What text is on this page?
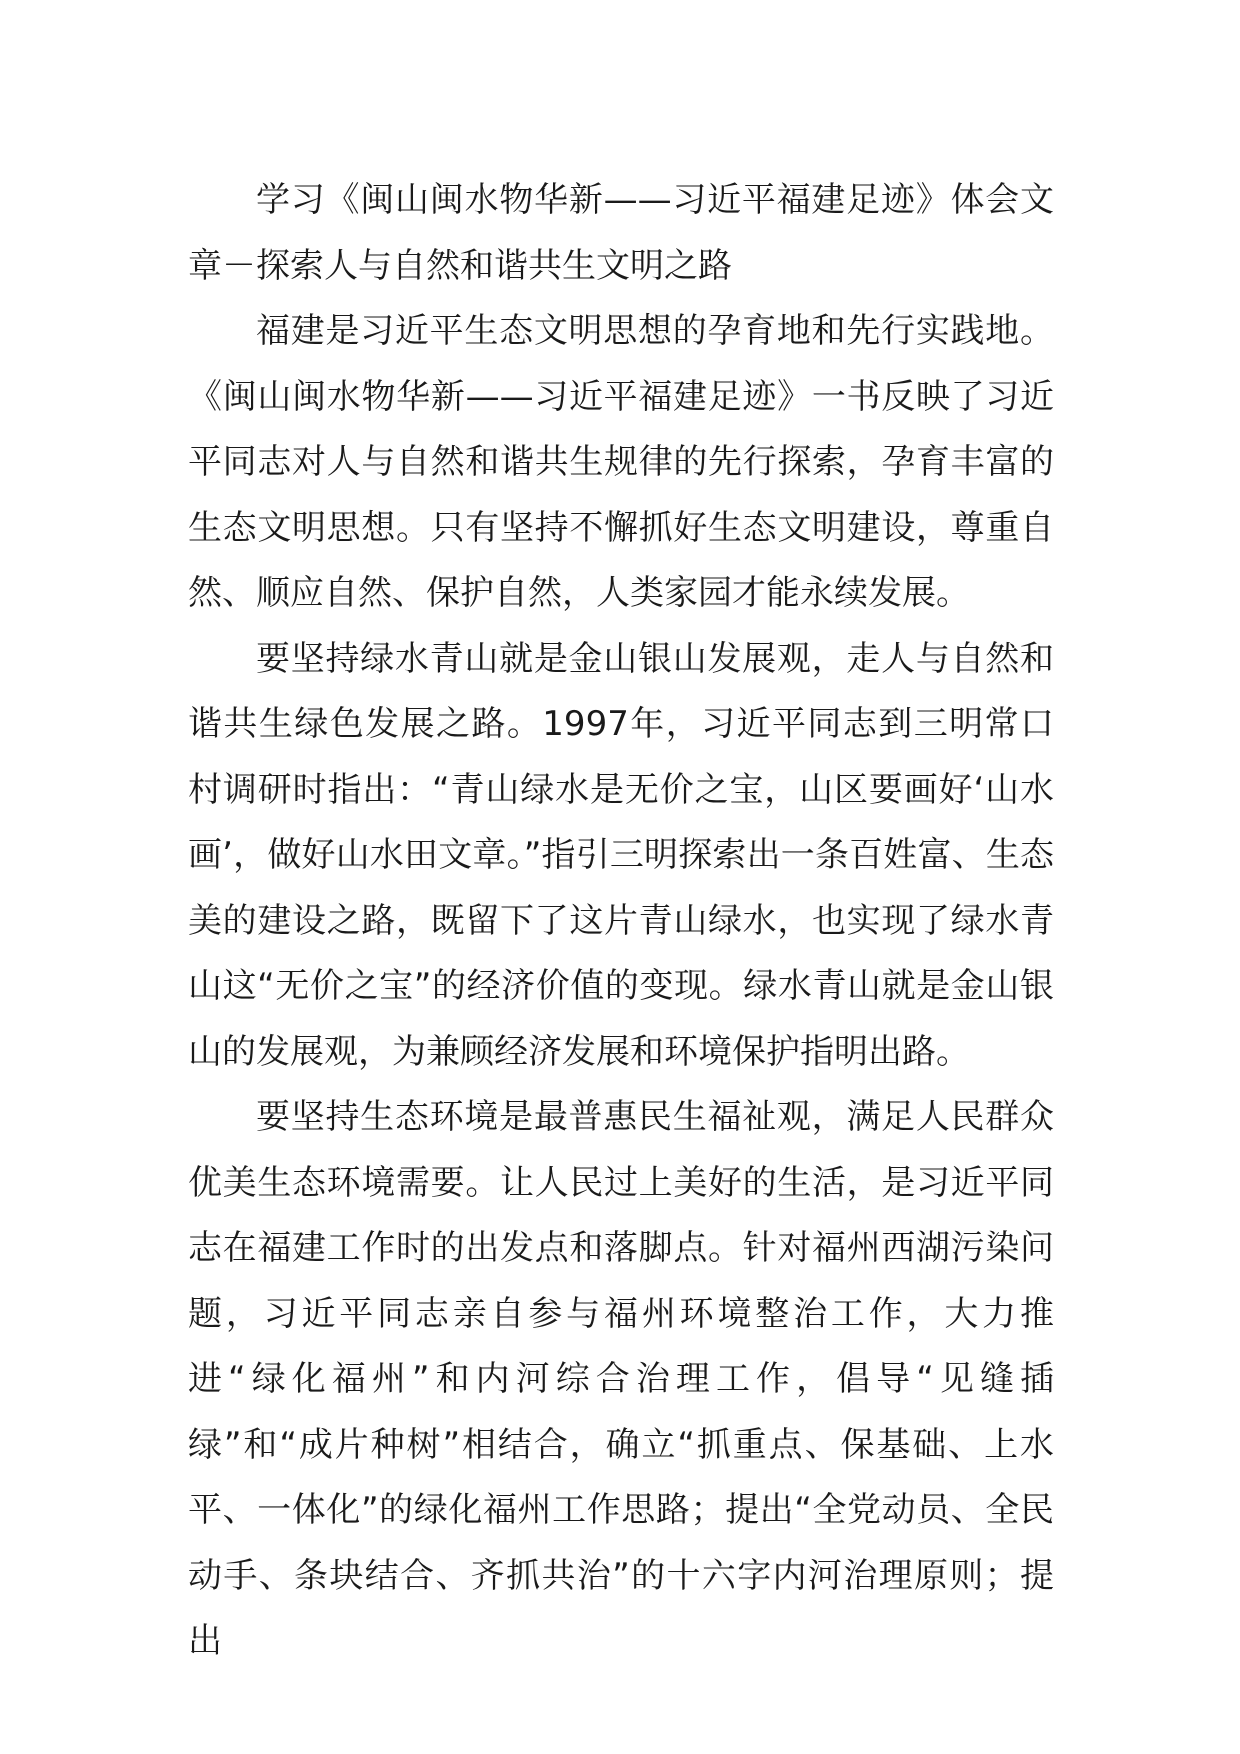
学习《闽山闽水物华新——习近平福建足迹》体会文章－探索人与自然和谐共生文明之路

福建是习近平生态文明思想的孕育地和先行实践地。《闽山闽水物华新——习近平福建足迹》一书反映了习近平同志对人与自然和谐共生规律的先行探索，孕育丰富的生态文明思想。只有坚持不懈抓好生态文明建设，尊重自然、顺应自然、保护自然，人类家园才能永续发展。

要坚持绿水青山就是金山银山发展观，走人与自然和谐共生绿色发展之路。1997年，习近平同志到三明常口村调研时指出：“青山绿水是无价之宝，山区要画好‘山水画’，做好山水田文章。”指引三明探索出一条百姓富、生态美的建设之路，既留下了这片青山绿水，也实现了绿水青山这“无价之宝”的经济价值的变现。绿水青山就是金山银山的发展观，为兼顾经济发展和环境保护指明出路。

要坚持生态环境是最普惠民生福祉观，满足人民群众优美生态环境需要。让人民过上美好的生活，是习近平同志在福建工作时的出发点和落脚点。针对福州西湖污染问题，习近平同志亲自参与福州环境整治工作，大力推进“绿化福州”和内河综合治理工作，倡导“见缝插绿”和“成片种树”相结合，确立“抓重点、保基础、上水平、一体化”的绿化福州工作思路；提出“全党动员、全民动手、条块结合、齐抓共治”的十六字内河治理原则；提出
